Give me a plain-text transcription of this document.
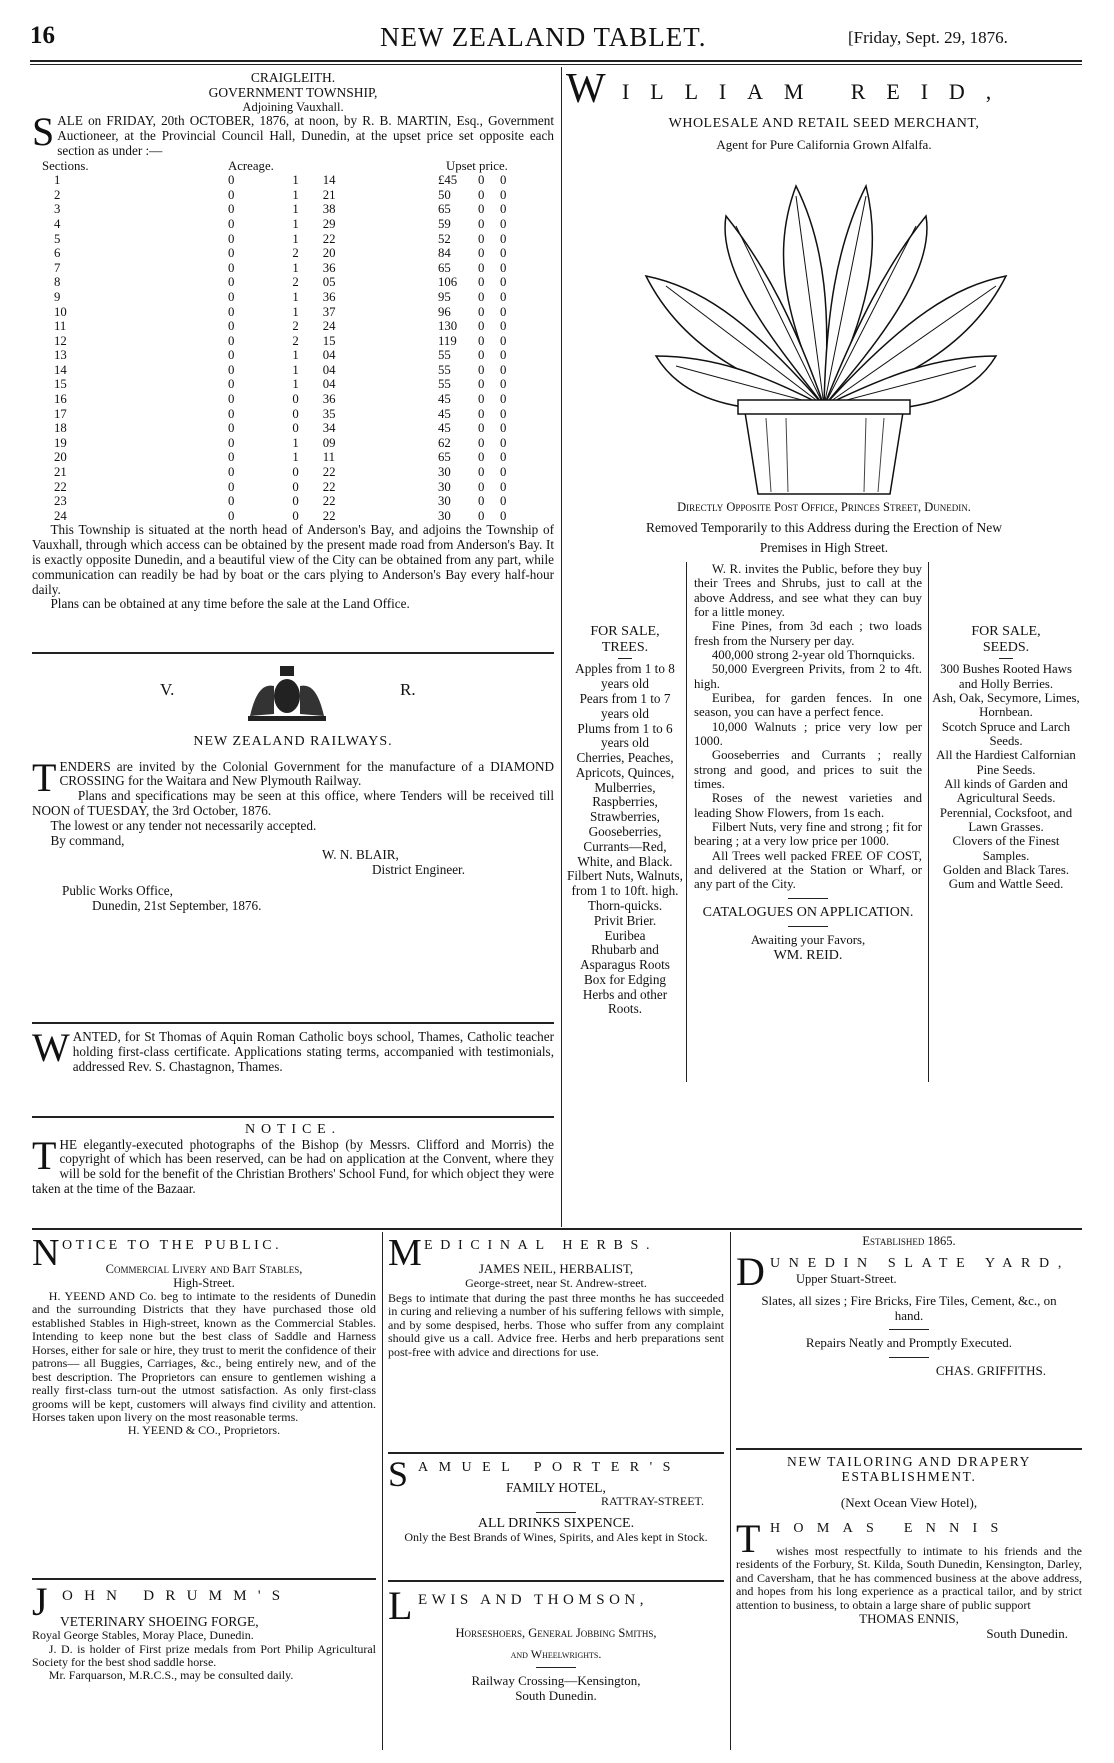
16	NEW ZEALAND TABLET.	[Friday, Sept. 29, 1876.
CRAIGLEITH.
GOVERNMENT TOWNSHIP,
Adjoining Vauxhall.
SALE on FRIDAY, 20th OCTOBER, 1876, at noon, by R. B. MARTIN, Esq., Government Auctioneer, at the Provincial Council Hall, Dunedin, at the upset price set opposite each section as under :—
Sections.	Acreage.			Upset price.		
1	0	1	14	£45	0	0
2	0	1	21	50	0	0
3	0	1	38	65	0	0
4	0	1	29	59	0	0
5	0	1	22	52	0	0
6	0	2	20	84	0	0
7	0	1	36	65	0	0
8	0	2	05	106	0	0
9	0	1	36	95	0	0
10	0	1	37	96	0	0
11	0	2	24	130	0	0
12	0	2	15	119	0	0
13	0	1	04	55	0	0
14	0	1	04	55	0	0
15	0	1	04	55	0	0
16	0	0	36	45	0	0
17	0	0	35	45	0	0
18	0	0	34	45	0	0
19	0	1	09	62	0	0
20	0	1	11	65	0	0
21	0	0	22	30	0	0
22	0	0	22	30	0	0
23	0	0	22	30	0	0
24	0	0	22	30	0	0

This Township is situated at the north head of Anderson's Bay, and adjoins the Township of Vauxhall, through which access can be obtained by the present made road from Anderson's Bay. It is exactly opposite Dunedin, and a beautiful view of the City can be obtained from any part, while communication can readily be had by boat or the cars plying to Anderson's Bay every half-hour daily.

Plans can be obtained at any time before the sale at the Land Office.

V.	R.
NEW ZEALAND RAILWAYS.
TENDERS are invited by the Colonial Government for the manufacture of a DIAMOND CROSSING for the Waitara and New Plymouth Railway.

Plans and specifications may be seen at this office, where Tenders will be received till NOON of TUESDAY, the 3rd October, 1876.

The lowest or any tender not necessarily accepted.

By command,

W. N. BLAIR,
District Engineer.
Public Works Office,
Dunedin, 21st September, 1876.
WANTED, for St Thomas of Aquin Roman Catholic boys school, Thames, Catholic teacher holding first-class certificate. Applications stating terms, accompanied with testimonials, addressed Rev. S. Chastagnon, Thames.
NOTICE.
THE elegantly-executed photographs of the Bishop (by Messrs. Clifford and Morris) the copyright of which has been reserved, can be had on application at the Convent, where they will be sold for the benefit of the Christian Brothers' School Fund, for which object they were taken at the time of the Bazaar.
W ILLIAM REID,
WHOLESALE AND RETAIL SEED MERCHANT,
Agent for Pure California Grown Alfalfa.
Directly Opposite Post Office, Princes Street, Dunedin.
Removed Temporarily to this Address during the Erection of New
Premises in High Street.
FOR SALE,
TREES.
Apples from 1 to 8 years old
Pears from 1 to 7 years old
Plums from 1 to 6 years old
Cherries, Peaches, Apricots, Quinces, Mulberries, Raspberries, Strawberries, Gooseberries, Currants—Red, White, and Black.
Filbert Nuts, Walnuts, from 1 to 10ft. high.
Thorn-quicks.
Privit Brier.
Euribea
Rhubarb and Asparagus Roots
Box for Edging
Herbs and other Roots.
W. R. invites the Public, before they buy their Trees and Shrubs, just to call at the above Address, and see what they can buy for a little money.
Fine Pines, from 3d each ; two loads fresh from the Nursery per day.
400,000 strong 2-year old Thornquicks.
50,000 Evergreen Privits, from 2 to 4ft. high.
Euribea, for garden fences. In one season, you can have a perfect fence.
10,000 Walnuts ; price very low per 1000.
Gooseberries and Currants ; really strong and good, and prices to suit the times.
Roses of the newest varieties and leading Show Flowers, from 1s each.
Filbert Nuts, very fine and strong ; fit for bearing ; at a very low price per 1000.
All Trees well packed FREE OF COST, and delivered at the Station or Wharf, or any part of the City.
CATALOGUES ON APPLICATION.
Awaiting your Favors,
WM. REID.
FOR SALE,
SEEDS.
300 Bushes Rooted Haws and Holly Berries.
Ash, Oak, Secymore, Limes, Hornbean.
Scotch Spruce and Larch Seeds.
All the Hardiest Calfornian Pine Seeds.
All kinds of Garden and Agricultural Seeds.
Perennial, Cocksfoot, and Lawn Grasses.
Clovers of the Finest Samples.
Golden and Black Tares.
Gum and Wattle Seed.
N OTICE TO THE PUBLIC.
Commercial Livery and Bait Stables,
High-Street.

H. YEEND AND Co. beg to intimate to the residents of Dunedin and the surrounding Districts that they have purchased those old established Stables in High-street, known as the Commercial Stables. Intending to keep none but the best class of Saddle and Harness Horses, either for sale or hire, they trust to merit the confidence of their patrons— all Buggies, Carriages, &c., being entirely new, and of the best description. The Proprietors can ensure to gentlemen wishing a really first-class turn-out the utmost satisfaction. As only first-class grooms will be kept, customers will always find civility and attention. Horses taken upon livery on the most reasonable terms.

H. YEEND & CO., Proprietors.
J OHN DRUMM'S
VETERINARY SHOEING FORGE,
Royal George Stables, Moray Place, Dunedin.

J. D. is holder of First prize medals from Port Philip Agricultural Society for the best shod saddle horse.

Mr. Farquarson, M.R.C.S., may be consulted daily.

M EDICINAL HERBS.
JAMES NEIL, HERBALIST,
George-street, near St. Andrew-street.
Begs to intimate that during the past three months he has succeeded in curing and relieving a number of his suffering fellows with simple, and by some despised, herbs. Those who suffer from any complaint should give us a call. Advice free. Herbs and herb preparations sent post-free with advice and directions for use.
S AMUEL PORTER'S
FAMILY HOTEL,
RATTRAY-STREET.
ALL DRINKS SIXPENCE.
Only the Best Brands of Wines, Spirits, and Ales kept in Stock.
L EWIS AND THOMSON,
Horseshoers, General Jobbing Smiths,
and Wheelwrights.
Railway Crossing—Kensington,
South Dunedin.
Established 1865.
D UNEDIN SLATE YARD,
Upper Stuart-Street.
Slates, all sizes ; Fire Bricks, Fire Tiles, Cement, &c., on hand.
Repairs Neatly and Promptly Executed.
CHAS. GRIFFITHS.
NEW TAILORING AND DRAPERY ESTABLISHMENT.
(Next Ocean View Hotel),
T HOMAS ENNIS
wishes most respectfully to intimate to his friends and the residents of the Forbury, St. Kilda, South Dunedin, Kensington, Darley, and Caversham, that he has commenced business at the above address, and hopes from his long experience as a practical tailor, and by strict attention to business, to obtain a large share of public support
THOMAS ENNIS,
South Dunedin.
